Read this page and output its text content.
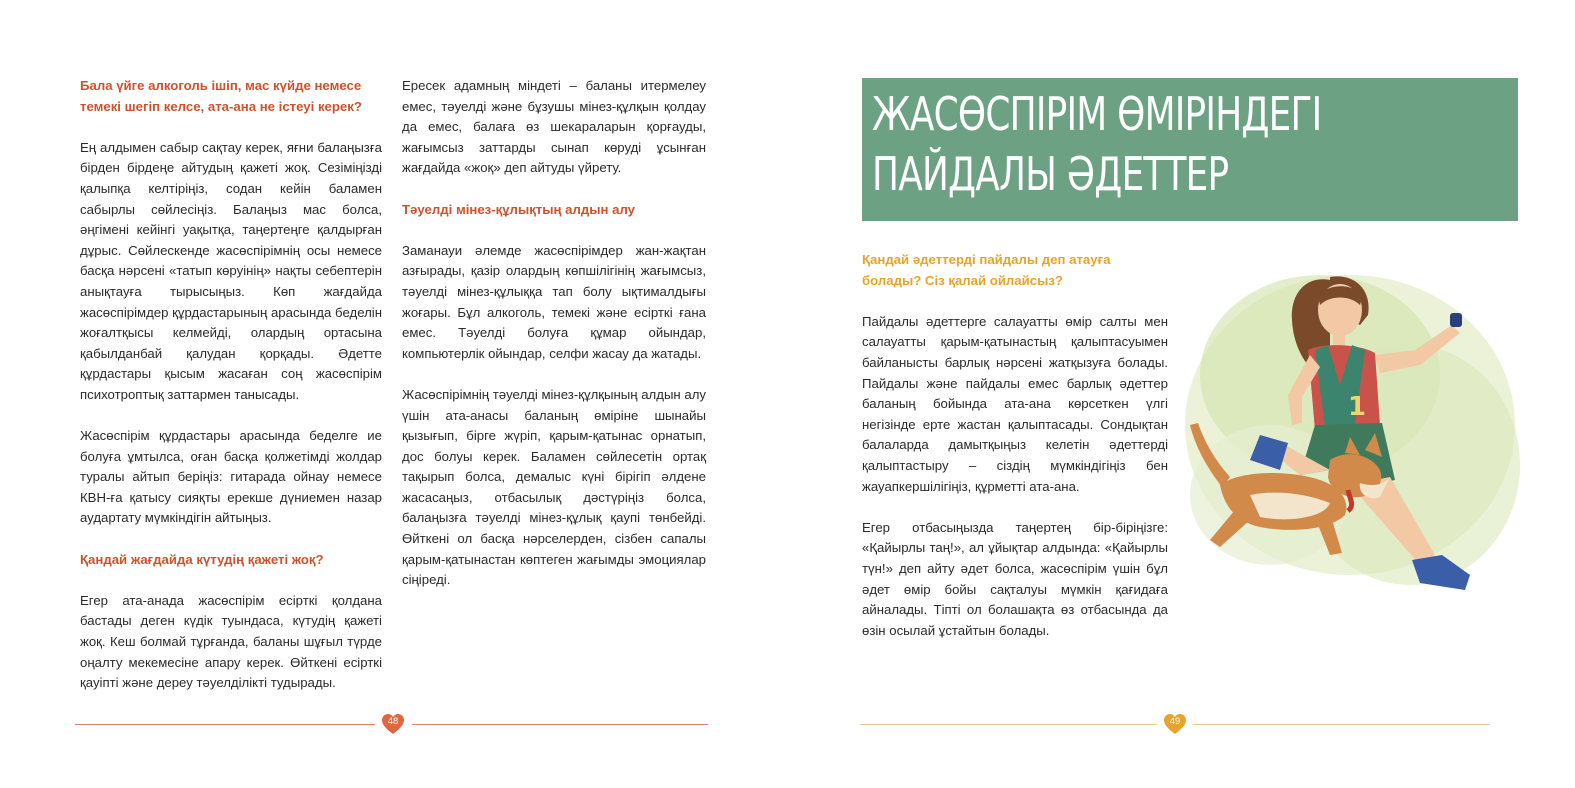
Бала үйге алкоголь ішіп, мас күйде немесе темекі шегіп келсе, ата-ана не істеуі керек?

Ең алдымен сабыр сақтау керек, яғни балаңызға бірден бірдеңе айтудың қажеті жоқ. Сезіміңізді қалыпқа келтіріңіз, содан кейін баламен сабырлы сөйлесіңіз. Балаңыз мас болса, әңгімені кейінгі уақытқа, таңертеңге қалдырған дұрыс. Сөйлескенде жасөспірімнің осы немесе басқа нәрсені «татып көруінің» нақты себептерін анықтауға тырысыңыз. Көп жағдайда жасөспірімдер құрдастарының арасында беделін жоғалтқысы келмейді, олардың ортасына қабылданбай қалудан қорқады. Әдетте құрдастары қысым жасаған соң жасөспірім психотроптық заттармен танысады.

Жасөспірім құрдастары арасында беделге ие болуға ұмтылса, оған басқа қолжетімді жолдар туралы айтып беріңіз: гитарада ойнау немесе КВН-ға қатысу сияқты ерекше дүниемен назар аудартату мүмкіндігін айтыңыз.

Қандай жағдайда күтудің қажеті жоқ?

Егер ата-анада жасөспірім есірткі қолдана бастады деген күдік туындаса, күтудің қажеті жоқ. Кеш болмай тұрғанда, баланы шұғыл түрде оңалту мекемесіне апару керек. Өйткені есірткі қауіпті және дереу тәуелділікті тудырады.

Ересек адамның міндеті – баланы итермелеу емес, тәуелді және бұзушы мінез-құлқын қолдау да емес, балаға өз шекараларын қорғауды, жағымсыз заттарды сынап көруді ұсынған жағдайда «жоқ» деп айтуды үйрету.

Тәуелді мінез-құлықтың алдын алу

Заманауи әлемде жасөспірімдер жан-жақтан азғырады, қазір олардың көпшілігінің жағымсыз, тәуелді мінез-құлыққа тап болу ықтималдығы жоғары. Бұл алкоголь, темекі және есірткі ғана емес. Тәуелді болуға құмар ойындар, компьютерлік ойындар, селфи жасау да жатады.

Жасөспірімнің тәуелді мінез-құлқының алдын алу үшін ата-анасы баланың өміріне шынайы қызығып, бірге жүріп, қарым-қатынас орнатып, дос болуы керек. Баламен сөйлесетін ортақ тақырып болса, демалыс күні бірігіп әлдене жасасаңыз, отбасылық дәстүріңіз болса, балаңызға тәуелді мінез-құлық қаупі төнбейді. Өйткені ол басқа нәрселерден, сізбен сапалы қарым-қатынастан көптеген жағымды эмоциялар сіңіреді.

48
ЖАСӨСПІРІМ ӨМІРІНДЕГІ
ПАЙДАЛЫ ӘДЕТТЕР
Қандай әдеттерді пайдалы деп атауға болады? Сіз қалай ойлайсыз?

Пайдалы әдеттерге салауатты өмір салты мен салауатты қарым-қатынастың қалыптасуымен байланысты барлық нәрсені жатқызуға болады. Пайдалы және пайдалы емес барлық әдеттер баланың бойында ата-ана көрсеткен үлгі негізінде ерте жастан қалыптасады. Сондықтан балаларда дамытқыңыз келетін әдеттерді қалыптастыру – сіздің мүмкіндігіңіз бен жауапкершілігіңіз, құрметті ата-ана.

Егер отбасыңызда таңертең бір-біріңізге: «Қайырлы таң!», ал ұйықтар алдында: «Қайырлы түн!» деп айту әдет болса, жасөспірім үшін бұл әдет өмір бойы сақталуы мүмкін қағидаға айналады. Тіпті ол болашақта өз отбасында да өзін осылай ұстайтын болады.

1
49
